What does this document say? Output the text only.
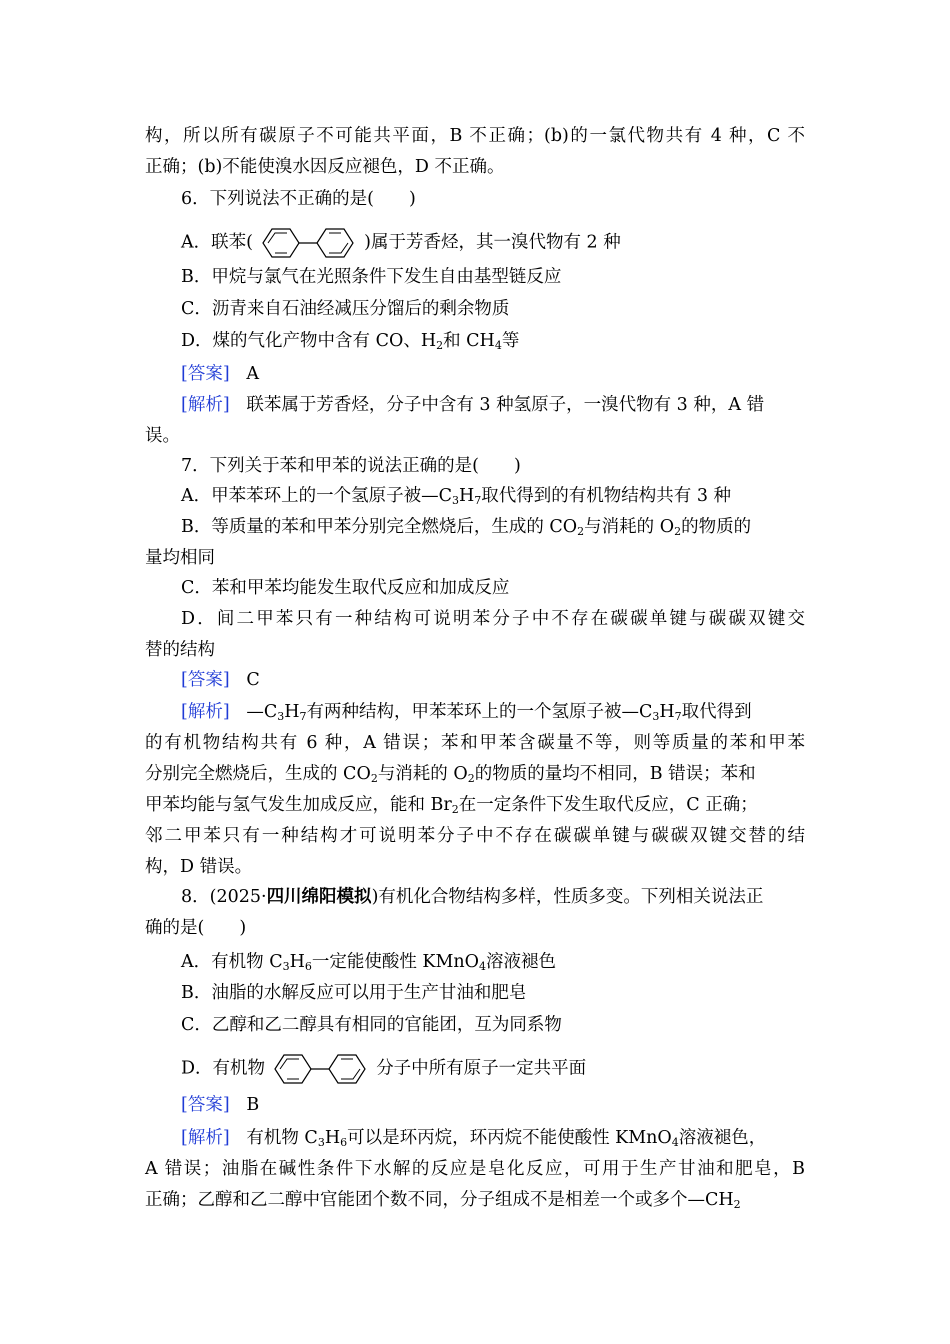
构，所以所有碳原子不可能共平面，B 不正确；(b)的一氯代物共有 4 种，C 不
正确；(b)不能使溴水因反应褪色，D 不正确。
6．下列说法不正确的是(　　)
A．联苯(	)属于芳香烃，其一溴代物有 2 种
B．甲烷与氯气在光照条件下发生自由基型链反应
C．沥青来自石油经减压分馏后的剩余物质
D．煤的气化产物中含有 CO、$H_2$和 $CH_4$等
[答案] A
[解析] 联苯属于芳香烃，分子中含有 3 种氢原子，一溴代物有 3 种，A 错
误。
7．下列关于苯和甲苯的说法正确的是(　　)
A．甲苯苯环上的一个氢原子被$—C_3H_7$取代得到的有机物结构共有 3 种
B．等质量的苯和甲苯分别完全燃烧后，生成的 $CO_2$与消耗的 $O_2$的物质的
量均相同
C．苯和甲苯均能发生取代反应和加成反应
D．间二甲苯只有一种结构可说明苯分子中不存在碳碳单键与碳碳双键交
替的结构
[答案] C
[解析] $—C_3H_7$有两种结构，甲苯苯环上的一个氢原子被$—C_3H_7$取代得到
的有机物结构共有 6 种，A 错误；苯和甲苯含碳量不等，则等质量的苯和甲苯
分别完全燃烧后，生成的 $CO_2$与消耗的 $O_2$的物质的量均不相同，B 错误；苯和
甲苯均能与氢气发生加成反应，能和 $Br_2$在一定条件下发生取代反应，C 正确；
邻二甲苯只有一种结构才可说明苯分子中不存在碳碳单键与碳碳双键交替的结
构，D 错误。
8．(2025·四川绵阳模拟)有机化合物结构多样，性质多变。下列相关说法正
确的是(　　)
A．有机物 $C_3H_6$一定能使酸性 KMnO$_4$溶液褪色
B．油脂的水解反应可以用于生产甘油和肥皂
C．乙醇和乙二醇具有相同的官能团，互为同系物
D．有机物	分子中所有原子一定共平面
[答案] B
[解析] 有机物 $C_3H_6$可以是环丙烷，环丙烷不能使酸性 KMnO$_4$溶液褪色，
A 错误；油脂在碱性条件下水解的反应是皂化反应，可用于生产甘油和肥皂，B
正确；乙醇和乙二醇中官能团个数不同，分子组成不是相差一个或多个$—CH_2$
